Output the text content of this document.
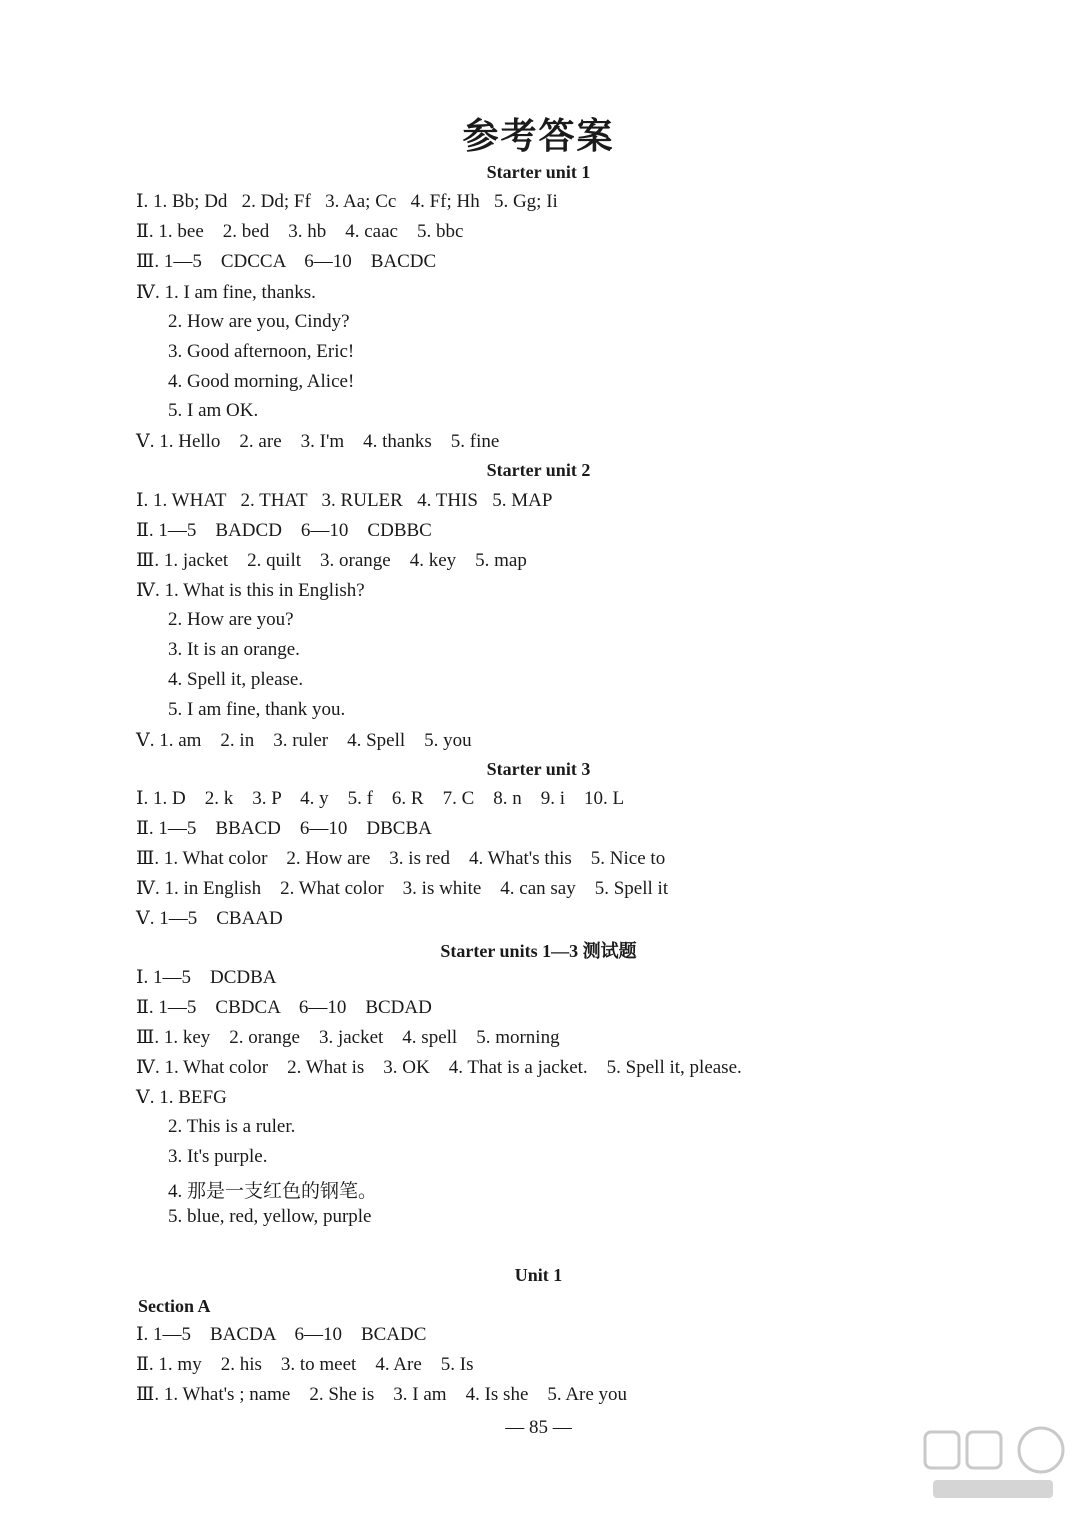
参考答案
Starter unit 1
Ⅰ. 1. Bb; Dd   2. Dd; Ff   3. Aa; Cc   4. Ff; Hh   5. Gg; Ii
Ⅱ. 1. bee    2. bed    3. hb    4. caac    5. bbc
Ⅲ. 1—5    CDCCA    6—10    BACDC
Ⅳ. 1. I am fine, thanks.
2. How are you, Cindy?
3. Good afternoon, Eric!
4. Good morning, Alice!
5. I am OK.
Ⅴ. 1. Hello    2. are    3. I'm    4. thanks    5. fine
Starter unit 2
Ⅰ. 1. WHAT   2. THAT   3. RULER   4. THIS   5. MAP
Ⅱ. 1—5    BADCD    6—10    CDBBC
Ⅲ. 1. jacket    2. quilt    3. orange    4. key    5. map
Ⅳ. 1. What is this in English?
2. How are you?
3. It is an orange.
4. Spell it, please.
5. I am fine, thank you.
Ⅴ. 1. am    2. in    3. ruler    4. Spell    5. you
Starter unit 3
Ⅰ. 1. D    2. k    3. P    4. y    5. f    6. R    7. C    8. n    9. i    10. L
Ⅱ. 1—5    BBACD    6—10    DBCBA
Ⅲ. 1. What color    2. How are    3. is red    4. What's this    5. Nice to
Ⅳ. 1. in English    2. What color    3. is white    4. can say    5. Spell it
Ⅴ. 1—5    CBAAD
Starter units 1—3 测试题
Ⅰ. 1—5    DCDBA
Ⅱ. 1—5    CBDCA    6—10    BCDAD
Ⅲ. 1. key    2. orange    3. jacket    4. spell    5. morning
Ⅳ. 1. What color    2. What is    3. OK    4. That is a jacket.    5. Spell it, please.
Ⅴ. 1. BEFG
2. This is a ruler.
3. It's purple.
4. 那是一支红色的钢笔。
5. blue, red, yellow, purple
Unit 1
Section A
Ⅰ. 1—5    BACDA    6—10    BCADC
Ⅱ. 1. my    2. his    3. to meet    4. Are    5. Is
Ⅲ. 1. What's ; name    2. She is    3. I am    4. Is she    5. Are you
— 85 —
